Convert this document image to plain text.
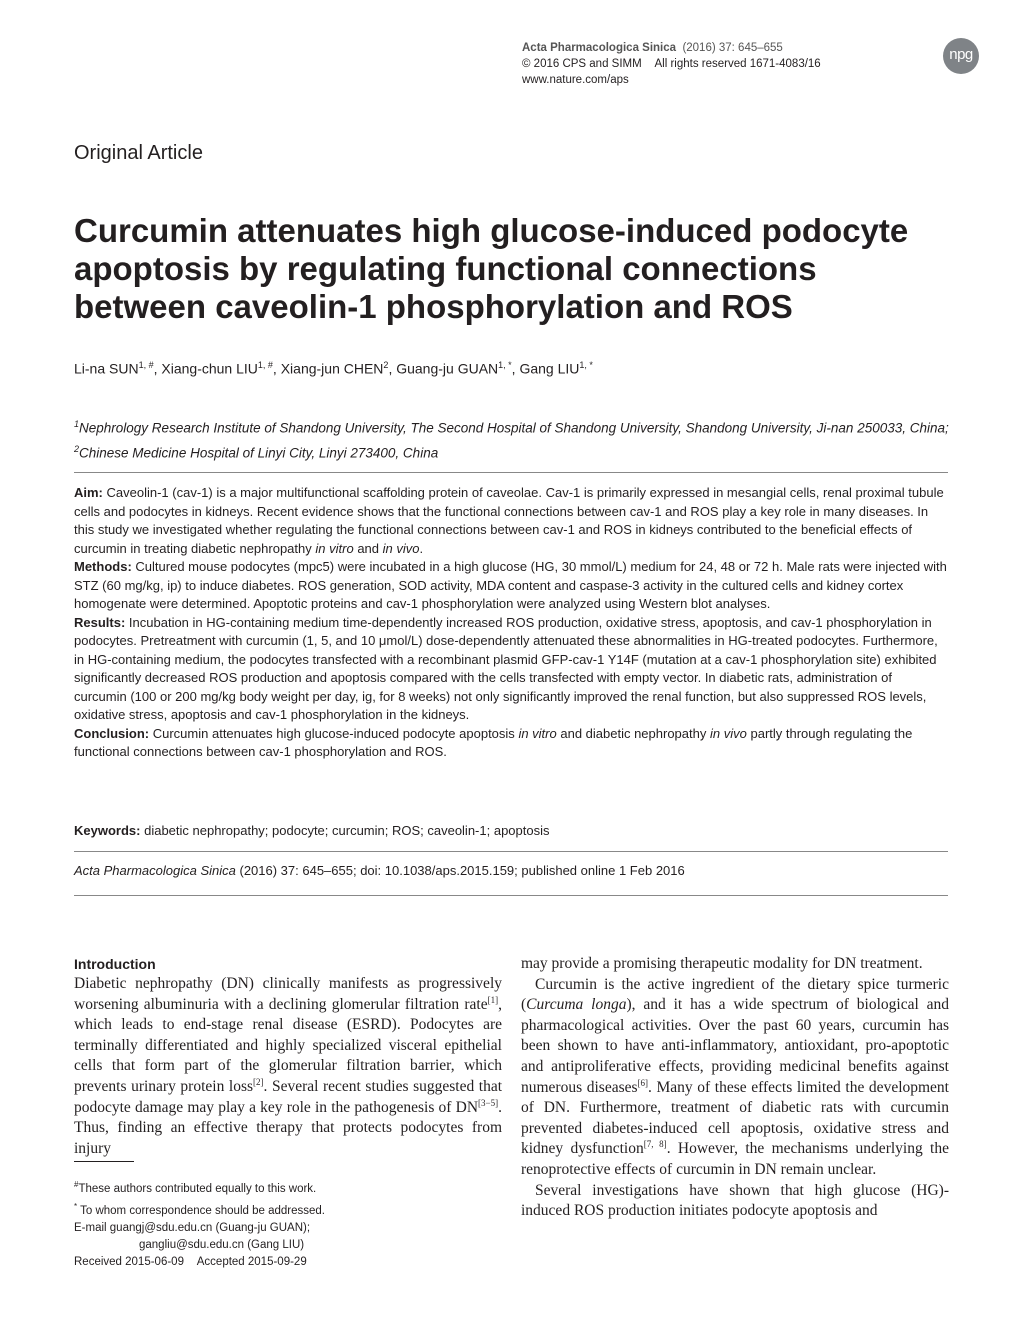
Acta Pharmacologica Sinica (2016) 37: 645–655
© 2016 CPS and SIMM All rights reserved 1671-4083/16
www.nature.com/aps
npg
Original Article
Curcumin attenuates high glucose-induced podocyte apoptosis by regulating functional connections between caveolin-1 phosphorylation and ROS
Li-na $SUN^{1, \#}$, Xiang-chun $LIU^{1, \#}$, Xiang-jun CHEN$^2$, Guang-ju $GUAN^{1, *}$, Gang $LIU^{1, *}$
$^1$Nephrology Research Institute of Shandong University, The Second Hospital of Shandong University, Shandong University, Ji-nan 250033, China; $^2$Chinese Medicine Hospital of Linyi City, Linyi 273400, China

Aim: Caveolin-1 (cav-1) is a major multifunctional scaffolding protein of caveolae. Cav-1 is primarily expressed in mesangial cells, renal proximal tubule cells and podocytes in kidneys. Recent evidence shows that the functional connections between cav-1 and ROS play a key role in many diseases. In this study we investigated whether regulating the functional connections between cav-1 and ROS in kidneys contributed to the beneficial effects of curcumin in treating diabetic nephropathy in vitro and in vivo.

Methods: Cultured mouse podocytes (mpc5) were incubated in a high glucose (HG, 30 mmol/L) medium for 24, 48 or 72 h. Male rats were injected with STZ (60 mg/kg, ip) to induce diabetes. ROS generation, SOD activity, MDA content and caspase-3 activity in the cultured cells and kidney cortex homogenate were determined. Apoptotic proteins and cav-1 phosphorylation were analyzed using Western blot analyses.

Results: Incubation in HG-containing medium time-dependently increased ROS production, oxidative stress, apoptosis, and cav-1 phosphorylation in podocytes. Pretreatment with curcumin (1, 5, and 10 μmol/L) dose-dependently attenuated these abnormalities in HG-treated podocytes. Furthermore, in HG-containing medium, the podocytes transfected with a recombinant plasmid GFP-cav-1 Y14F (mutation at a cav-1 phosphorylation site) exhibited significantly decreased ROS production and apoptosis compared with the cells transfected with empty vector. In diabetic rats, administration of curcumin (100 or 200 mg/kg body weight per day, ig, for 8 weeks) not only significantly improved the renal function, but also suppressed ROS levels, oxidative stress, apoptosis and cav-1 phosphorylation in the kidneys.

Conclusion: Curcumin attenuates high glucose-induced podocyte apoptosis in vitro and diabetic nephropathy in vivo partly through regulating the functional connections between cav-1 phosphorylation and ROS.

Keywords: diabetic nephropathy; podocyte; curcumin; ROS; caveolin-1; apoptosis
Acta Pharmacologica Sinica (2016) 37: 645–655; doi: 10.1038/aps.2015.159; published online 1 Feb 2016
Introduction

Diabetic nephropathy (DN) clinically manifests as progressively worsening albuminuria with a declining glomerular filtration rate[1], which leads to end-stage renal disease (ESRD). Podocytes are terminally differentiated and highly specialized visceral epithelial cells that form part of the glomerular filtration barrier, which prevents urinary protein loss[2]. Several recent studies suggested that podocyte damage may play a key role in the pathogenesis of DN[3−5]. Thus, finding an effective therapy that protects podocytes from injury

#These authors contributed equally to this work.
* To whom correspondence should be addressed.
E-mail guangj@sdu.edu.cn (Guang-ju GUAN);
gangliu@sdu.edu.cn (Gang LIU)
Received 2015-06-09 Accepted 2015-09-29

may provide a promising therapeutic modality for DN treatment.

Curcumin is the active ingredient of the dietary spice turmeric (Curcuma longa), and it has a wide spectrum of biological and pharmacological activities. Over the past 60 years, curcumin has been shown to have anti-inflammatory, antioxidant, pro-apoptotic and antiproliferative effects, providing medicinal benefits against numerous diseases[6]. Many of these effects limited the development of DN. Furthermore, treatment of diabetic rats with curcumin prevented diabetes-induced cell apoptosis, oxidative stress and kidney dysfunction[7, 8]. However, the mechanisms underlying the renoprotective effects of curcumin in DN remain unclear.

Several investigations have shown that high glucose (HG)-induced ROS production initiates podocyte apoptosis and
